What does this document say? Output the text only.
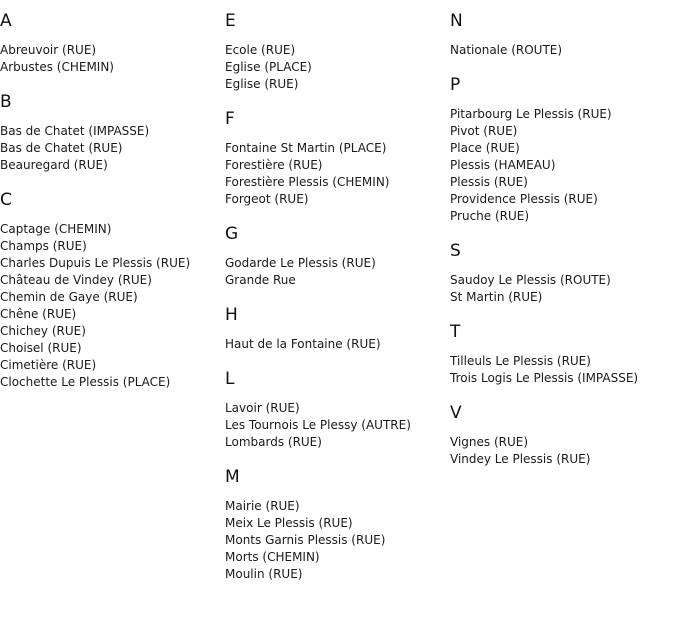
A
Abreuvoir (RUE)
Arbustes (CHEMIN)
B
Bas de Chatet (IMPASSE)
Bas de Chatet (RUE)
Beauregard (RUE)
C
Captage (CHEMIN)
Champs (RUE)
Charles Dupuis Le Plessis (RUE)
Château de Vindey (RUE)
Chemin de Gaye (RUE)
Chêne (RUE)
Chichey (RUE)
Choisel (RUE)
Cimetière (RUE)
Clochette Le Plessis (PLACE)
E
Ecole (RUE)
Eglise (PLACE)
Eglise (RUE)
F
Fontaine St Martin (PLACE)
Forestière (RUE)
Forestière Plessis (CHEMIN)
Forgeot (RUE)
G
Godarde Le Plessis (RUE)
Grande Rue
H
Haut de la Fontaine (RUE)
L
Lavoir (RUE)
Les Tournois Le Plessy (AUTRE)
Lombards (RUE)
M
Mairie (RUE)
Meix Le Plessis (RUE)
Monts Garnis Plessis (RUE)
Morts (CHEMIN)
Moulin (RUE)
N
Nationale (ROUTE)
P
Pitarbourg Le Plessis (RUE)
Pivot (RUE)
Place (RUE)
Plessis (HAMEAU)
Plessis (RUE)
Providence Plessis (RUE)
Pruche (RUE)
S
Saudoy Le Plessis (ROUTE)
St Martin (RUE)
T
Tilleuls Le Plessis (RUE)
Trois Logis Le Plessis (IMPASSE)
V
Vignes (RUE)
Vindey Le Plessis (RUE)
